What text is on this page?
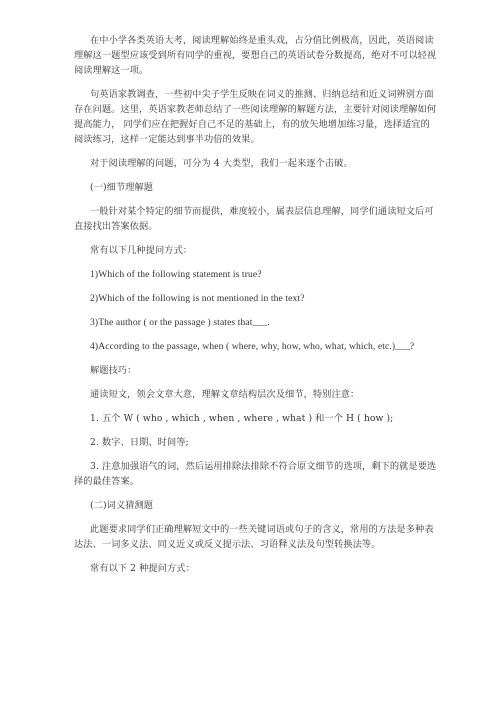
在中小学各类英语大考，阅读理解始终是重头戏，占分值比例极高，因此，英语阅读理解这一题型应该受到所有同学的重视，要想自己的英语试卷分数提高，绝对不可以轻视阅读理解这一项。

句英语家教调查，一些初中尖子学生反映在词义的推测、归纳总结和近义词辨别方面存在问题。这里，英语家教老师总结了一些阅读理解的解题方法，主要针对阅读理解如何提高能力， 同学们应在把握好自己不足的基础上，有的放矢地增加练习量，选择适宜的阅读练习，这样一定能达到事半功倍的效果。

对于阅读理解的问题，可分为 4 大类型，我们一起来逐个击破。

(一)细节理解题

一般针对某个特定的细节而提供，难度较小，属表层信息理解，同学们通读短文后可直接找出答案依据。

常有以下几种提问方式：

1)Which of the following statement is true?

2)Which of the following is not mentioned in the text?

3)The author ( or the passage ) states that___.

4)According to the passage, when ( where, why, how, who, what, which, etc.)___?

解题技巧：

通读短文，领会文章大意，理解文章结构层次及细节，特别注意：

1. 五个 W ( who , which , when , where , what ) 和一个 H ( how );

2. 数字、日期、时间等;

3. 注意加强语气的词，然后运用排除法排除不符合原文细节的选项，剩下的就是要选择的最佳答案。

(二)词义猜测题

此题要求同学们正确理解短文中的一些关键词语或句子的含义，常用的方法是多种表达法、一词多义法、同义近义或反义提示法、习语释义法及句型转换法等。

常有以下 2 种提问方式：
